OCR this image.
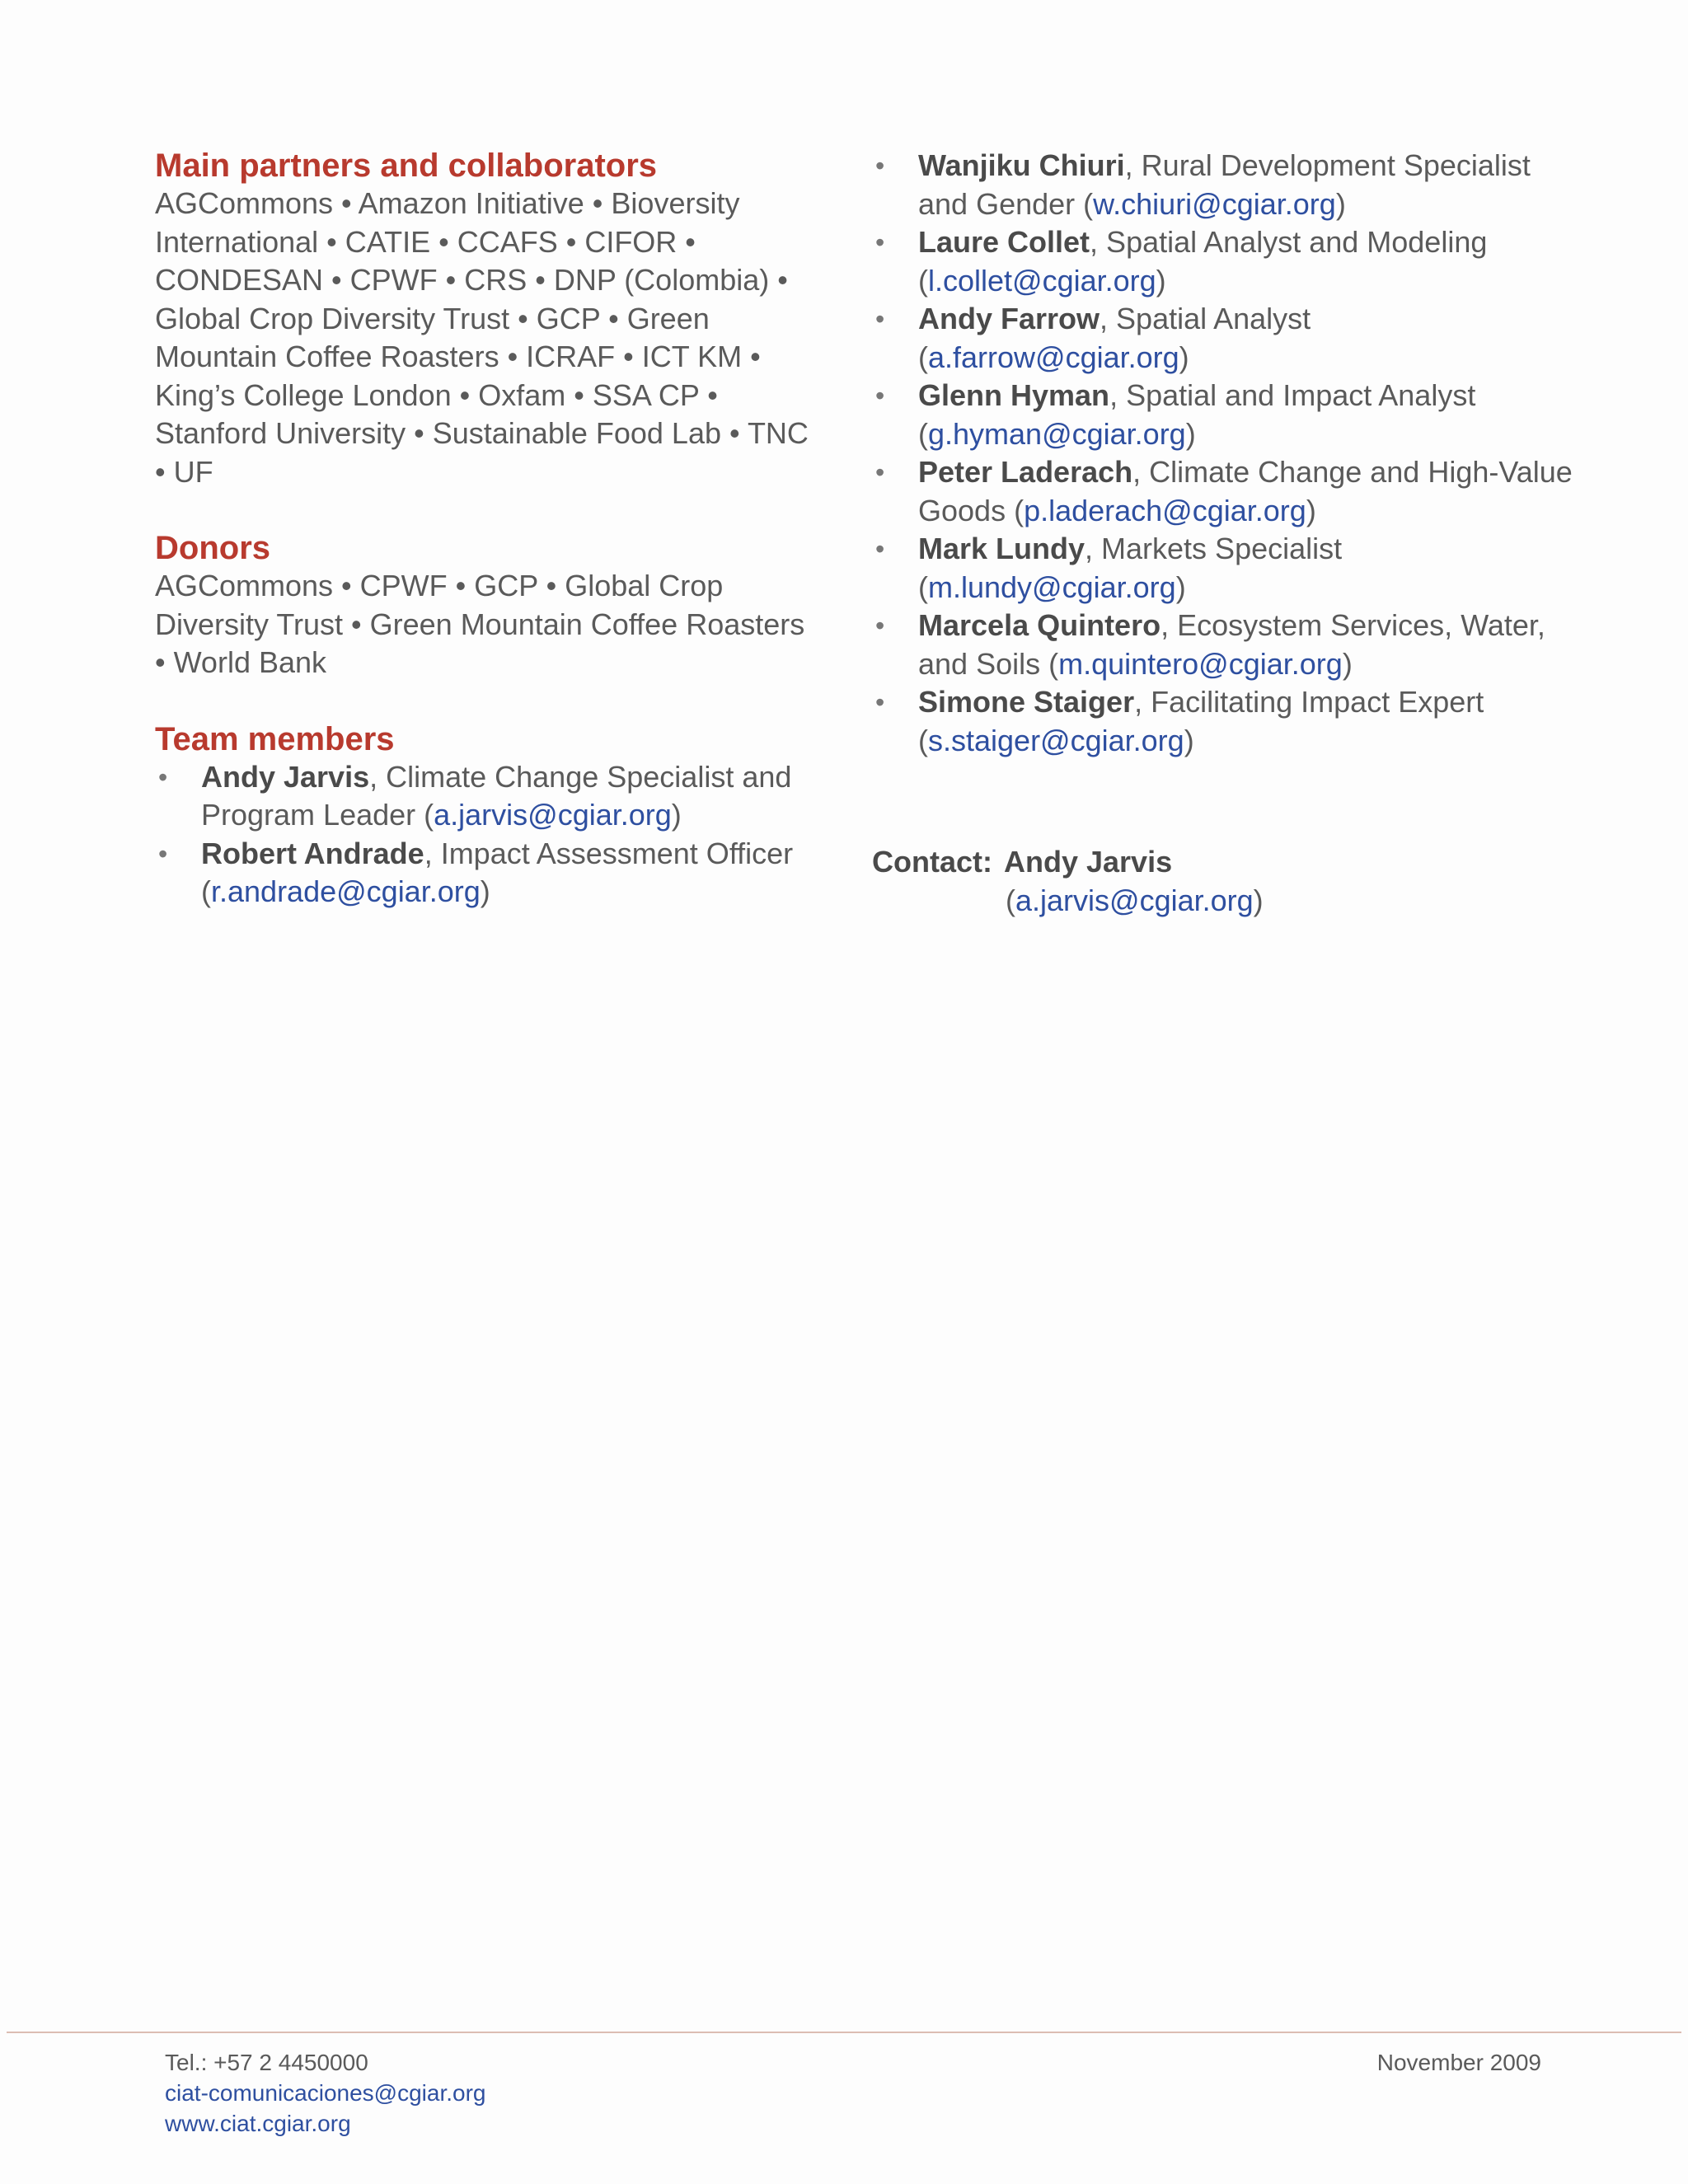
Main partners and collaborators

AGCommons • Amazon Initiative • Bioversity International • CATIE • CCAFS • CIFOR • CONDESAN • CPWF • CRS • DNP (Colombia) • Global Crop Diversity Trust • GCP • Green Mountain Coffee Roasters • ICRAF • ICT KM • King’s College London • Oxfam • SSA CP • Stanford University • Sustainable Food Lab • TNC • UF

Donors

AGCommons • CPWF • GCP • Global Crop Diversity Trust • Green Mountain Coffee Roasters • World Bank

Team members
• Andy Jarvis, Climate Change Specialist and Program Leader (a.jarvis@cgiar.org)
• Robert Andrade, Impact Assessment Officer (r.andrade@cgiar.org)
• Wanjiku Chiuri, Rural Development Specialist and Gender (w.chiuri@cgiar.org)
• Laure Collet, Spatial Analyst and Modeling (l.collet@cgiar.org)
• Andy Farrow, Spatial Analyst (a.farrow@cgiar.org)
• Glenn Hyman, Spatial and Impact Analyst (g.hyman@cgiar.org)
• Peter Laderach, Climate Change and High-Value Goods (p.laderach@cgiar.org)
• Mark Lundy, Markets Specialist (m.lundy@cgiar.org)
• Marcela Quintero, Ecosystem Services, Water, and Soils (m.quintero@cgiar.org)
• Simone Staiger, Facilitating Impact Expert (s.staiger@cgiar.org)
Contact: Andy Jarvis
(a.jarvis@cgiar.org)
Tel.: +57 2 4450000
ciat-comunicaciones@cgiar.org
www.ciat.cgiar.org
November 2009
